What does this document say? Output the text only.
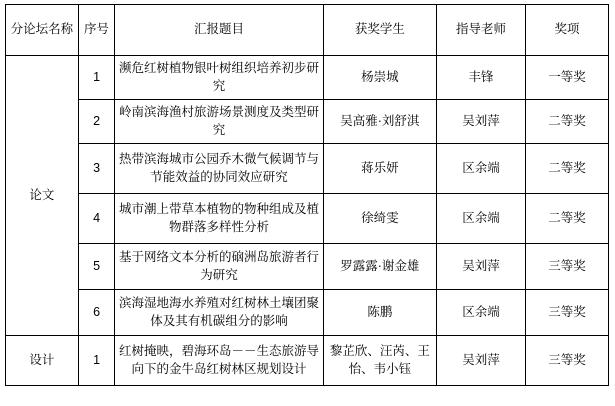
分论坛名称	序号	汇报题目	获奖学生	指导老师	奖项
论文	1	濒危红树植物银叶树组织培养初步研究	杨崇城	丰锋	一等奖
	2	岭南滨海渔村旅游场景测度及类型研究	吴高雅·刘舒淇	吴刘萍	二等奖
	3	热带滨海城市公园乔木微气候调节与节能效益的协同效应研究	蒋乐妍	区余端	二等奖
	4	城市潮上带草本植物的物种组成及植物群落多样性分析	徐绮雯	区余端	二等奖
	5	基于网络文本分析的硇洲岛旅游者行为研究	罗露露·谢金雄	吴刘萍	三等奖
	6	滨海湿地海水养殖对红树林土壤团聚体及其有机碳组分的影响	陈鹏	区余端	三等奖
设计	1	红树掩映，碧海环岛－－生态旅游导向下的金牛岛红树林区规划设计	黎芷欣、汪芮、王怡、韦小钰	吴刘萍	三等奖
